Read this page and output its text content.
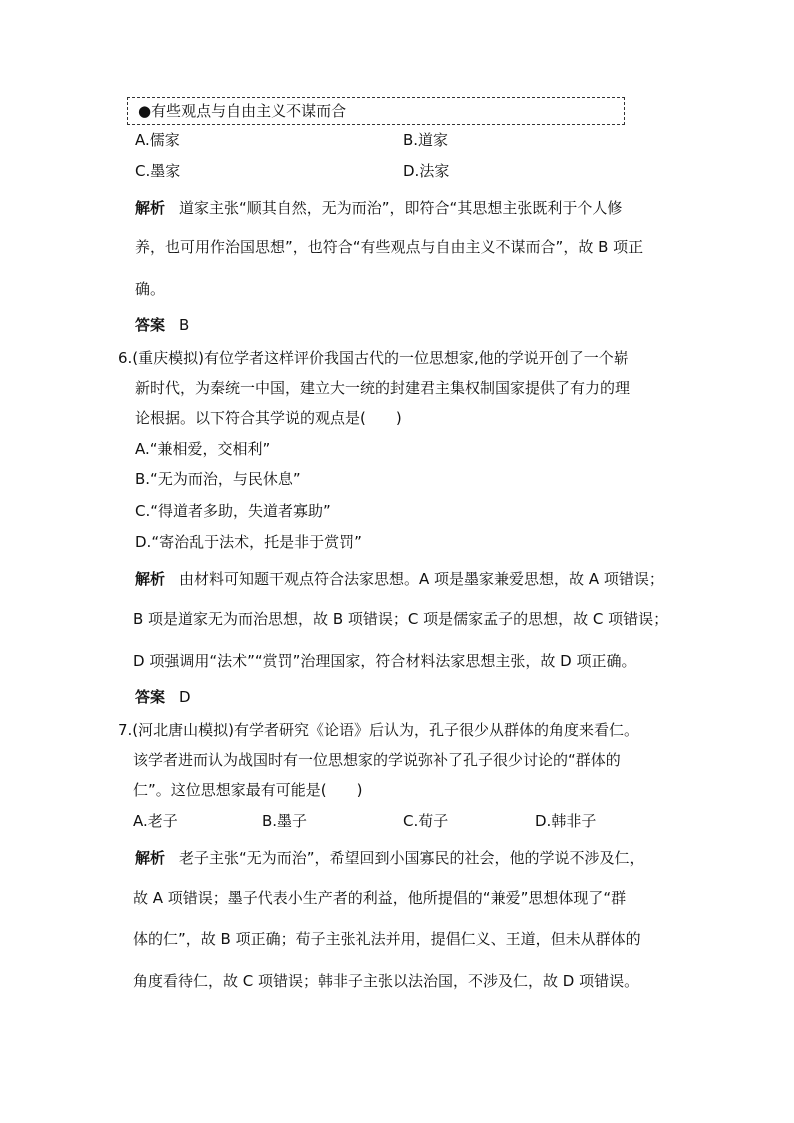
●有些观点与自由主义不谋而合
A.儒家	B.道家
C.墨家	D.法家
解析 道家主张“顺其自然，无为而治”，即符合“其思想主张既利于个人修
养，也可用作治国思想”，也符合“有些观点与自由主义不谋而合”，故 B 项正
确。
答案 B
6.(重庆模拟)有位学者这样评价我国古代的一位思想家,他的学说开创了一个崭
新时代，为秦统一中国，建立大一统的封建君主集权制国家提供了有力的理
论根据。以下符合其学说的观点是(　　)
A.“兼相爱，交相利”
B.“无为而治，与民休息”
C.“得道者多助，失道者寡助”
D.“寄治乱于法术，托是非于赏罚”
解析 由材料可知题干观点符合法家思想。A 项是墨家兼爱思想，故 A 项错误；
B 项是道家无为而治思想，故 B 项错误；C 项是儒家孟子的思想，故 C 项错误；
D 项强调用“法术”“赏罚”治理国家，符合材料法家思想主张，故 D 项正确。
答案 D
7.(河北唐山模拟)有学者研究《论语》后认为，孔子很少从群体的角度来看仁。
该学者进而认为战国时有一位思想家的学说弥补了孔子很少讨论的“群体的
仁”。这位思想家最有可能是(　　)
A.老子	B.墨子	C.荀子	D.韩非子
解析 老子主张“无为而治”，希望回到小国寡民的社会，他的学说不涉及仁，
故 A 项错误；墨子代表小生产者的利益，他所提倡的“兼爱”思想体现了“群
体的仁”，故 B 项正确；荀子主张礼法并用，提倡仁义、王道，但未从群体的
角度看待仁，故 C 项错误；韩非子主张以法治国，不涉及仁，故 D 项错误。
